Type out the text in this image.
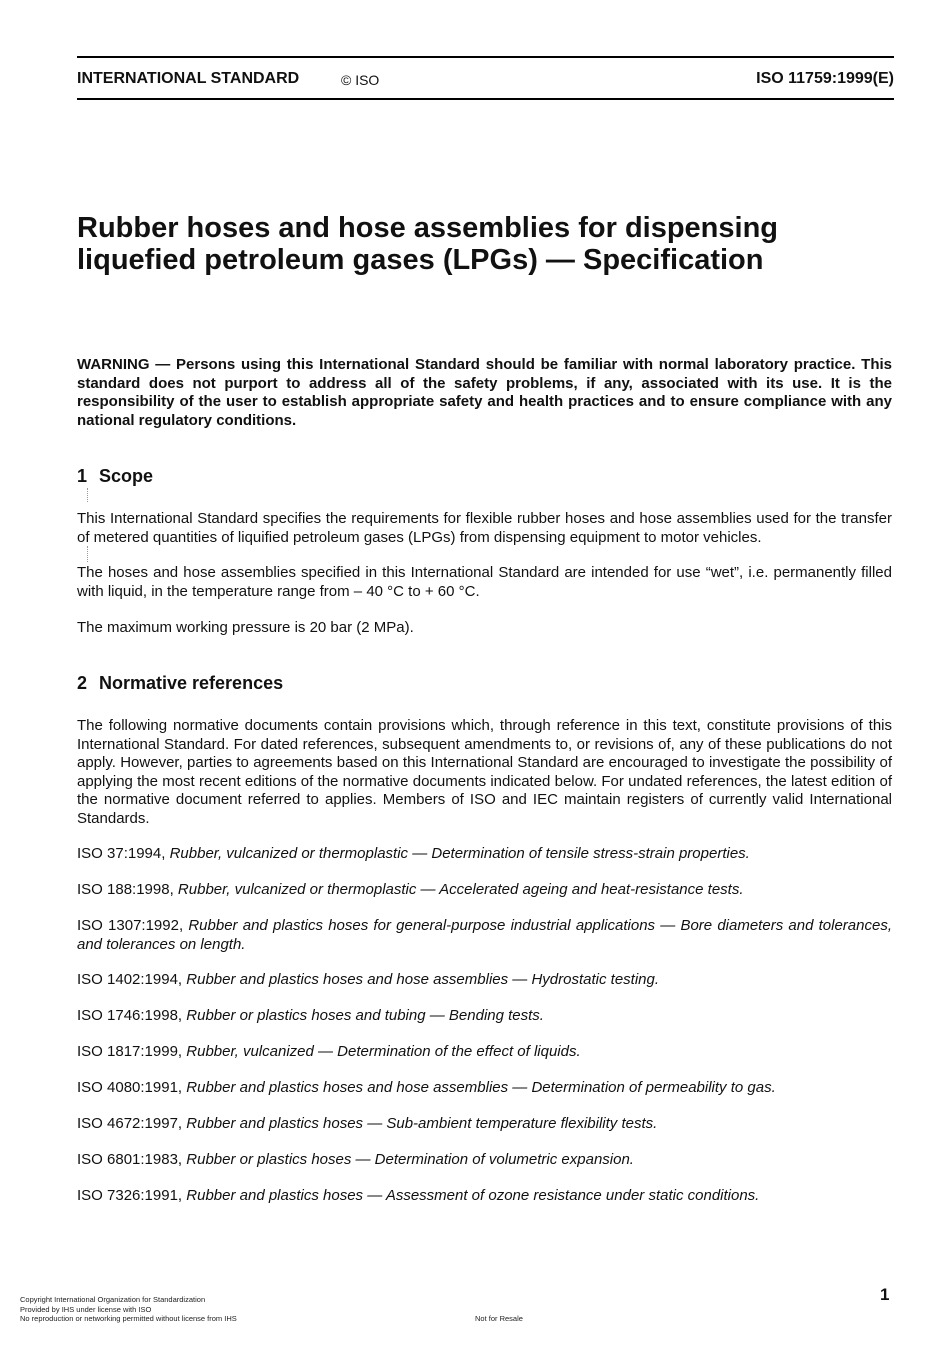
INTERNATIONAL STANDARD	© ISO	ISO 11759:1999(E)
Rubber hoses and hose assemblies for dispensing liquefied petroleum gases (LPGs) — Specification

WARNING — Persons using this International Standard should be familiar with normal laboratory practice. This standard does not purport to address all of the safety problems, if any, associated with its use. It is the responsibility of the user to establish appropriate safety and health practices and to ensure compliance with any national regulatory conditions.

1 Scope

This International Standard specifies the requirements for flexible rubber hoses and hose assemblies used for the transfer of metered quantities of liquified petroleum gases (LPGs) from dispensing equipment to motor vehicles.

The hoses and hose assemblies specified in this International Standard are intended for use “wet”, i.e. permanently filled with liquid, in the temperature range from – 40 °C to + 60 °C.

The maximum working pressure is 20 bar (2 MPa).

2 Normative references

The following normative documents contain provisions which, through reference in this text, constitute provisions of this International Standard. For dated references, subsequent amendments to, or revisions of, any of these publications do not apply. However, parties to agreements based on this International Standard are encouraged to investigate the possibility of applying the most recent editions of the normative documents indicated below. For undated references, the latest edition of the normative document referred to applies. Members of ISO and IEC maintain registers of currently valid International Standards.

ISO 37:1994, Rubber, vulcanized or thermoplastic — Determination of tensile stress-strain properties.

ISO 188:1998, Rubber, vulcanized or thermoplastic — Accelerated ageing and heat-resistance tests.

ISO 1307:1992, Rubber and plastics hoses for general-purpose industrial applications — Bore diameters and tolerances, and tolerances on length.

ISO 1402:1994, Rubber and plastics hoses and hose assemblies — Hydrostatic testing.

ISO 1746:1998, Rubber or plastics hoses and tubing — Bending tests.

ISO 1817:1999, Rubber, vulcanized — Determination of the effect of liquids.

ISO 4080:1991, Rubber and plastics hoses and hose assemblies — Determination of permeability to gas.

ISO 4672:1997, Rubber and plastics hoses — Sub-ambient temperature flexibility tests.

ISO 6801:1983, Rubber or plastics hoses — Determination of volumetric expansion.

ISO 7326:1991, Rubber and plastics hoses — Assessment of ozone resistance under static conditions.

1
Copyright International Organization for Standardization
Provided by IHS under license with ISO
No reproduction or networking permitted without license from IHS	Not for Resale
